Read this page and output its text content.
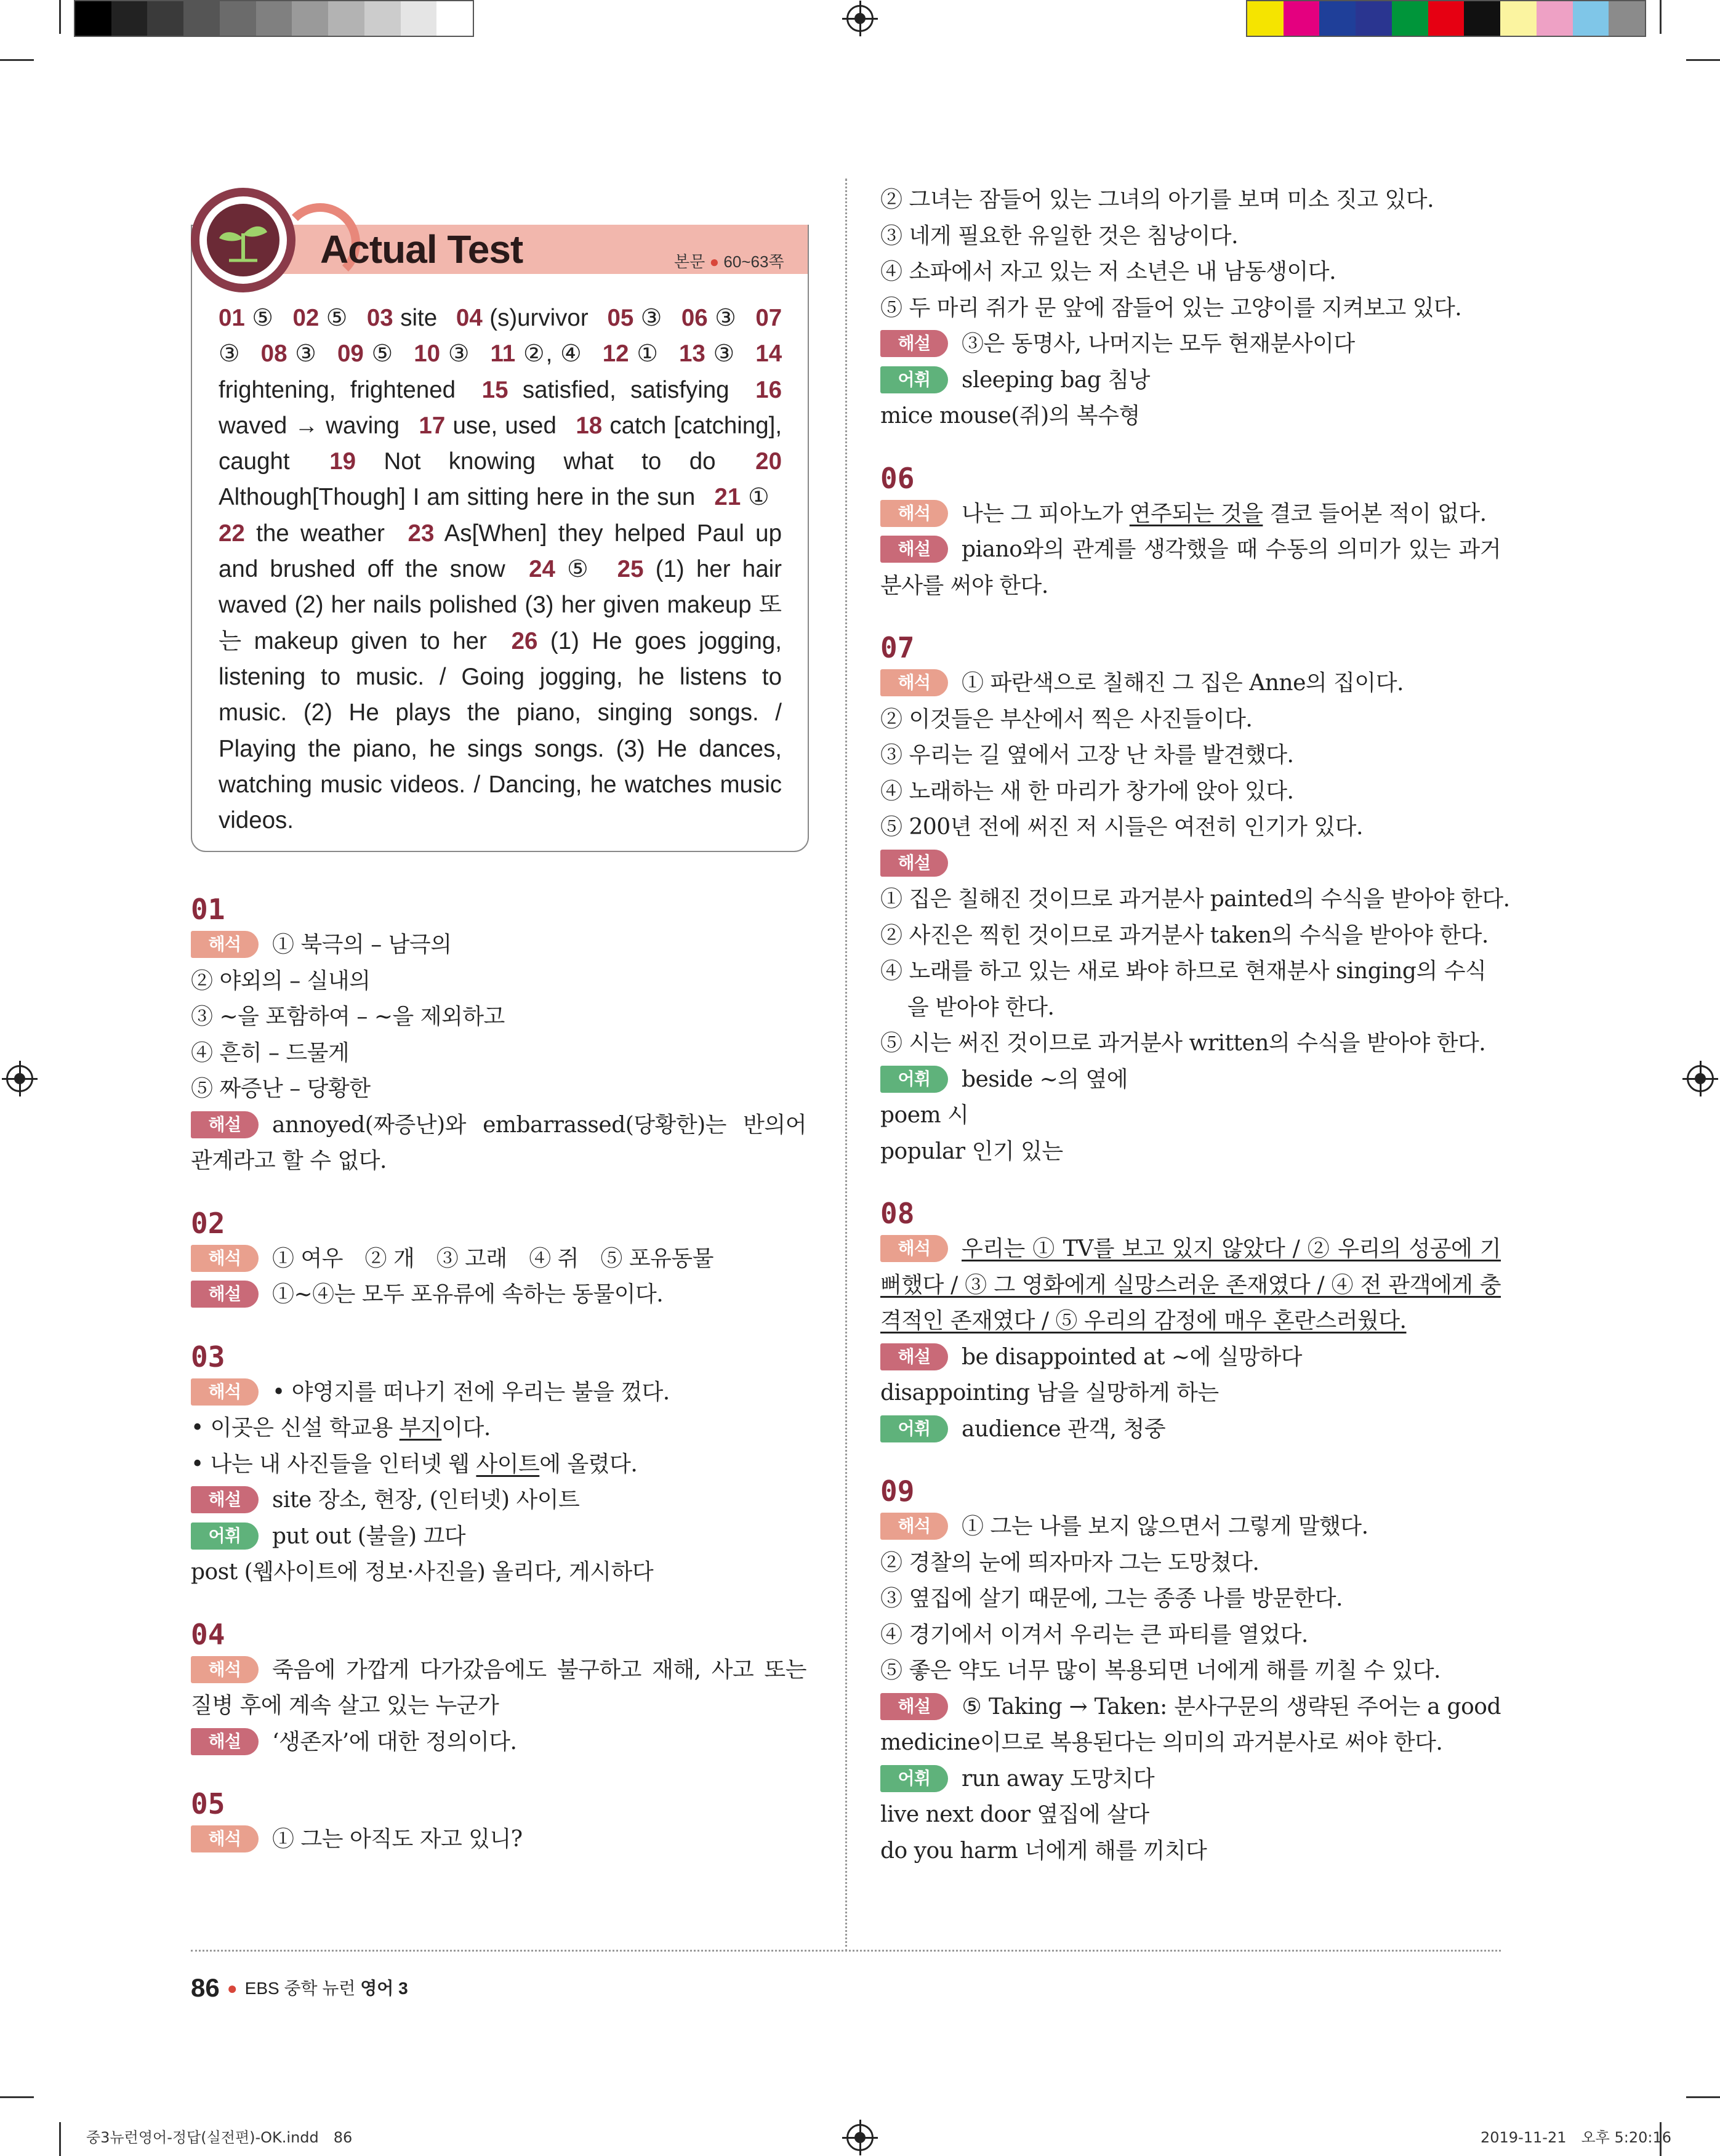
Actual Test	본문 ● 60~63쪽
01 ⑤  02 ⑤  03 site  04 (s)urvivor  05 ③  06 ③  07 ③  08 ③  09 ⑤  10 ③  11 ②, ④  12 ①  13 ③  14 frightening, frightened  15 satisfied, satisfying  16 waved → waving  17 use, used  18 catch [catching], caught  19 Not knowing what to do  20 Although[Though] I am sitting here in the sun  21 ①  22 the weather  23 As[When] they helped Paul up and brushed off the snow  24 ⑤  25 (1) her hair waved (2) her nails polished (3) her given makeup 또는 makeup given to her  26 (1) He goes jogging, listening to music. / Going jogging, he listens to music. (2) He plays the piano, singing songs. / Playing the piano, he sings songs. (3) He dances, watching music videos. / Dancing, he watches music videos. 
01
해석 ① 북극의 – 남극의
② 야외의 – 실내의
③ ~을 포함하여 – ~을 제외하고
④ 흔히 – 드물게
⑤ 짜증난 – 당황한
해설 annoyed(짜증난)와 embarrassed(당황한)는 반의어 관계라고 할 수 없다.
02
해석 ① 여우　② 개　③ 고래　④ 쥐　⑤ 포유동물
해설 ①~④는 모두 포유류에 속하는 동물이다.
03
해석 • 야영지를 떠나기 전에 우리는 불을 껐다.
• 이곳은 신설 학교용 부지이다.
• 나는 내 사진들을 인터넷 웹 사이트에 올렸다.
해설 site 장소, 현장, (인터넷) 사이트
어휘 put out (불을) 끄다
post (웹사이트에 정보·사진을) 올리다, 게시하다
04
해석 죽음에 가깝게 다가갔음에도 불구하고 재해, 사고 또는 질병 후에 계속 살고 있는 누군가
해설 ‘생존자’에 대한 정의이다.
05
해석 ① 그는 아직도 자고 있니?
② 그녀는 잠들어 있는 그녀의 아기를 보며 미소 짓고 있다.
③ 네게 필요한 유일한 것은 침낭이다.
④ 소파에서 자고 있는 저 소년은 내 남동생이다.
⑤ 두 마리 쥐가 문 앞에 잠들어 있는 고양이를 지켜보고 있다.
해설 ③은 동명사, 나머지는 모두 현재분사이다
어휘 sleeping bag 침낭
mice mouse(쥐)의 복수형
06
해석 나는 그 피아노가 연주되는 것을 결코 들어본 적이 없다.
해설 piano와의 관계를 생각했을 때 수동의 의미가 있는 과거분사를 써야 한다.
07
해석 ① 파란색으로 칠해진 그 집은 Anne의 집이다.
② 이것들은 부산에서 찍은 사진들이다.
③ 우리는 길 옆에서 고장 난 차를 발견했다.
④ 노래하는 새 한 마리가 창가에 앉아 있다.
⑤ 200년 전에 써진 저 시들은 여전히 인기가 있다.
해설
① 집은 칠해진 것이므로 과거분사 painted의 수식을 받아야 한다.
② 사진은 찍힌 것이므로 과거분사 taken의 수식을 받아야 한다.
④ 노래를 하고 있는 새로 봐야 하므로 현재분사 singing의 수식을 받아야 한다.
⑤ 시는 써진 것이므로 과거분사 written의 수식을 받아야 한다.
어휘 beside ~의 옆에
poem 시
popular 인기 있는
08
해석 우리는 ① TV를 보고 있지 않았다 / ② 우리의 성공에 기뻐했다 / ③ 그 영화에게 실망스러운 존재였다 / ④ 전 관객에게 충격적인 존재였다 / ⑤ 우리의 감정에 매우 혼란스러웠다.
해설 be disappointed at ~에 실망하다
disappointing 남을 실망하게 하는
어휘 audience 관객, 청중
09
해석 ① 그는 나를 보지 않으면서 그렇게 말했다.
② 경찰의 눈에 띄자마자 그는 도망쳤다.
③ 옆집에 살기 때문에, 그는 종종 나를 방문한다.
④ 경기에서 이겨서 우리는 큰 파티를 열었다.
⑤ 좋은 약도 너무 많이 복용되면 너에게 해를 끼칠 수 있다.
해설 ⑤ Taking → Taken: 분사구문의 생략된 주어는 a good medicine이므로 복용된다는 의미의 과거분사로 써야 한다.
어휘 run away 도망치다
live next door 옆집에 살다
do you harm 너에게 해를 끼치다
86 ● EBS 중학 뉴런 영어 3
중3뉴런영어-정답(실전편)-OK.indd　86	2019-11-21　오후 5:20:16
